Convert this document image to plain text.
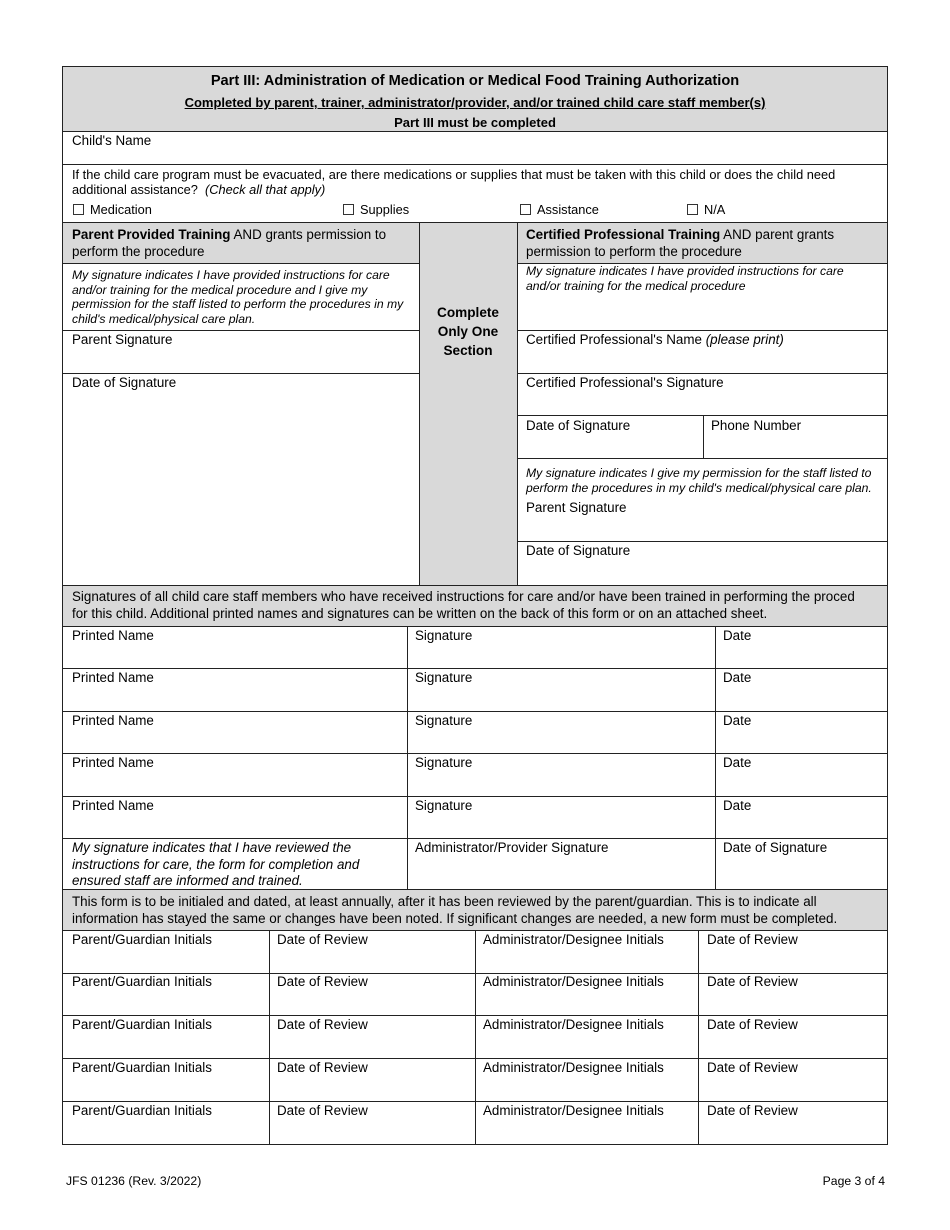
Part III: Administration of Medication or Medical Food Training Authorization
Completed by parent, trainer, administrator/provider, and/or trained child care staff member(s)
Part III must be completed
Child's Name
If the child care program must be evacuated, are there medications or supplies that must be taken with this child or does the child need
additional assistance? (Check all that apply)
Medication	Supplies	Assistance	N/A
Parent Provided Training AND grants permission to
perform the procedure
My signature indicates I have provided instructions for care
and/or training for the medical procedure and I give my
permission for the staff listed to perform the procedures in my
child's medical/physical care plan.
Parent Signature
Date of Signature
Complete
Only One
Section
Certified Professional Training AND parent grants
permission to perform the procedure
My signature indicates I have provided instructions for care
and/or training for the medical procedure
Certified Professional's Name (please print)
Certified Professional's Signature
Date of Signature	Phone Number
My signature indicates I give my permission for the staff listed to
perform the procedures in my child's medical/physical care plan.
Parent Signature
Date of Signature
Signatures of all child care staff members who have received instructions for care and/or have been trained in performing the proced
for this child. Additional printed names and signatures can be written on the back of this form or on an attached sheet.
Printed Name	Signature	Date
Printed Name	Signature	Date
Printed Name	Signature	Date
Printed Name	Signature	Date
Printed Name	Signature	Date
My signature indicates that I have reviewed the
instructions for care, the form for completion and
ensured staff are informed and trained.
Administrator/Provider Signature	Date of Signature
This form is to be initialed and dated, at least annually, after it has been reviewed by the parent/guardian. This is to indicate all
information has stayed the same or changes have been noted. If significant changes are needed, a new form must be completed.
Parent/Guardian Initials	Date of Review	Administrator/Designee Initials	Date of Review
Parent/Guardian Initials	Date of Review	Administrator/Designee Initials	Date of Review
Parent/Guardian Initials	Date of Review	Administrator/Designee Initials	Date of Review
Parent/Guardian Initials	Date of Review	Administrator/Designee Initials	Date of Review
Parent/Guardian Initials	Date of Review	Administrator/Designee Initials	Date of Review
JFS 01236 (Rev. 3/2022)	Page 3 of 4
